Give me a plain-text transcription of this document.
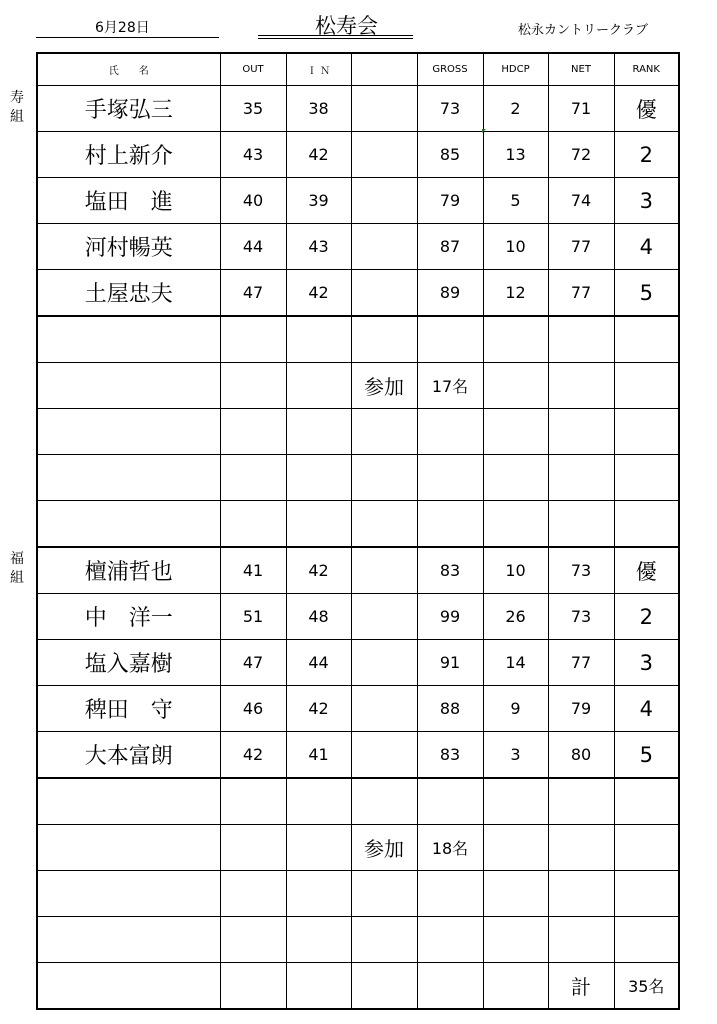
6月28日	松寿会	松永カントリークラブ
寿組
福組
氏　　名	OUT	Ｉ Ｎ		GROSS	HDCP	NET	RANK
手塚弘三	35	38		73	2	71	優
村上新介	43	42		85	13	72	2
塩田　進	40	39		79	5	74	3
河村暢英	44	43		87	10	77	4
土屋忠夫	47	42		89	12	77	5

			参加	17名			

檀浦哲也	41	42		83	10	73	優
中　洋一	51	48		99	26	73	2
塩入嘉樹	47	44		91	14	77	3
稗田　守	46	42		88	9	79	4
大本富朗	42	41		83	3	80	5

			参加	18名			

						計	35名
